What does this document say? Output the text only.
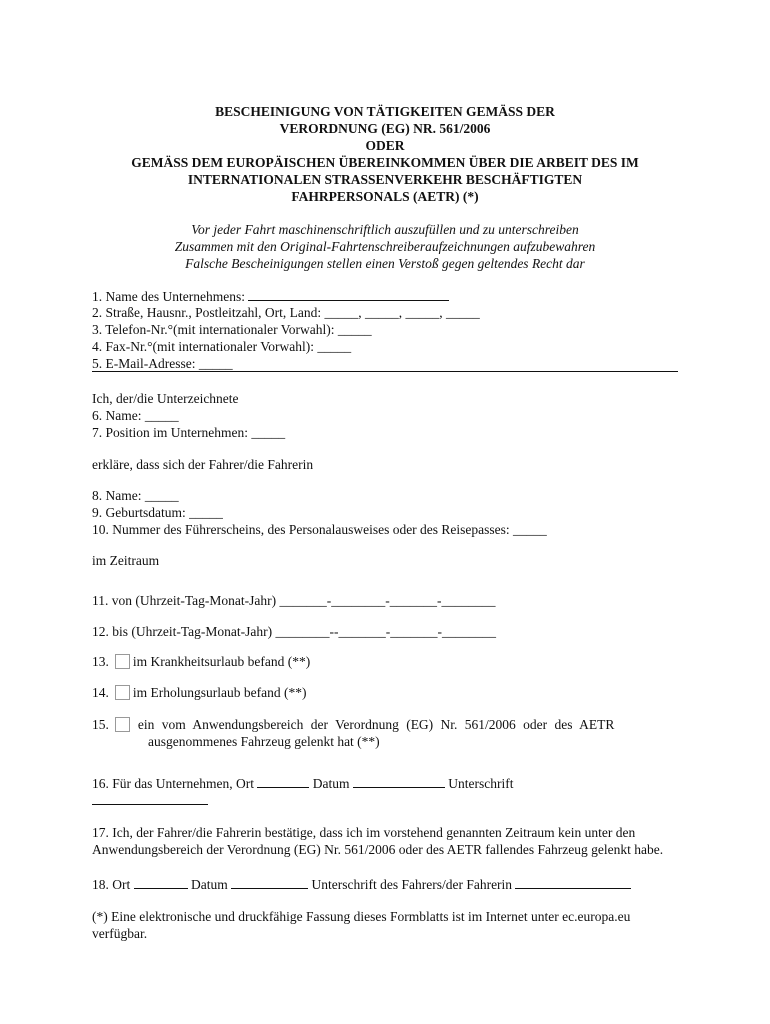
BESCHEINIGUNG VON TÄTIGKEITEN GEMÄSS DER
VERORDNUNG (EG) NR. 561/2006
ODER
GEMÄSS DEM EUROPÄISCHEN ÜBEREINKOMMEN ÜBER DIE ARBEIT DES IM
INTERNATIONALEN STRASSENVERKEHR BESCHÄFTIGTEN
FAHRPERSONALS (AETR) (*)
Vor jeder Fahrt maschinenschriftlich auszufüllen und zu unterschreiben
Zusammen mit den Original-Fahrtenschreiberaufzeichnungen aufzubewahren
Falsche Bescheinigungen stellen einen Verstoß gegen geltendes Recht dar
1. Name des Unternehmens:
2. Straße, Hausnr., Postleitzahl, Ort, Land: _____, _____, _____, _____
3. Telefon-Nr.°(mit internationaler Vorwahl): _____
4. Fax-Nr.°(mit internationaler Vorwahl): _____
5. E-Mail-Adresse: _____
Ich, der/die Unterzeichnete
6. Name: _____
7. Position im Unternehmen: _____
erkläre, dass sich der Fahrer/die Fahrerin
8. Name: _____
9. Geburtsdatum: _____
10. Nummer des Führerscheins, des Personalausweises oder des Reisepasses: _____
im Zeitraum
11. von (Uhrzeit-Tag-Monat-Jahr) _______-________-_______-________
12. bis (Uhrzeit-Tag-Monat-Jahr) ________--_______-_______-________
13. im Krankheitsurlaub befand (**)
14. im Erholungsurlaub befand (**)
15. ein vom Anwendungsbereich der Verordnung (EG) Nr. 561/2006 oder des AETR
ausgenommenes Fahrzeug gelenkt hat (**)
16. Für das Unternehmen, Ort	Datum	Unterschrift
17. Ich, der Fahrer/die Fahrerin bestätige, dass ich im vorstehend genannten Zeitraum kein unter den Anwendungsbereich der Verordnung (EG) Nr. 561/2006 oder des AETR fallendes Fahrzeug gelenkt habe.
18. Ort	Datum	Unterschrift des Fahrers/der Fahrerin
(*) Eine elektronische und druckfähige Fassung dieses Formblatts ist im Internet unter ec.europa.eu verfügbar.
